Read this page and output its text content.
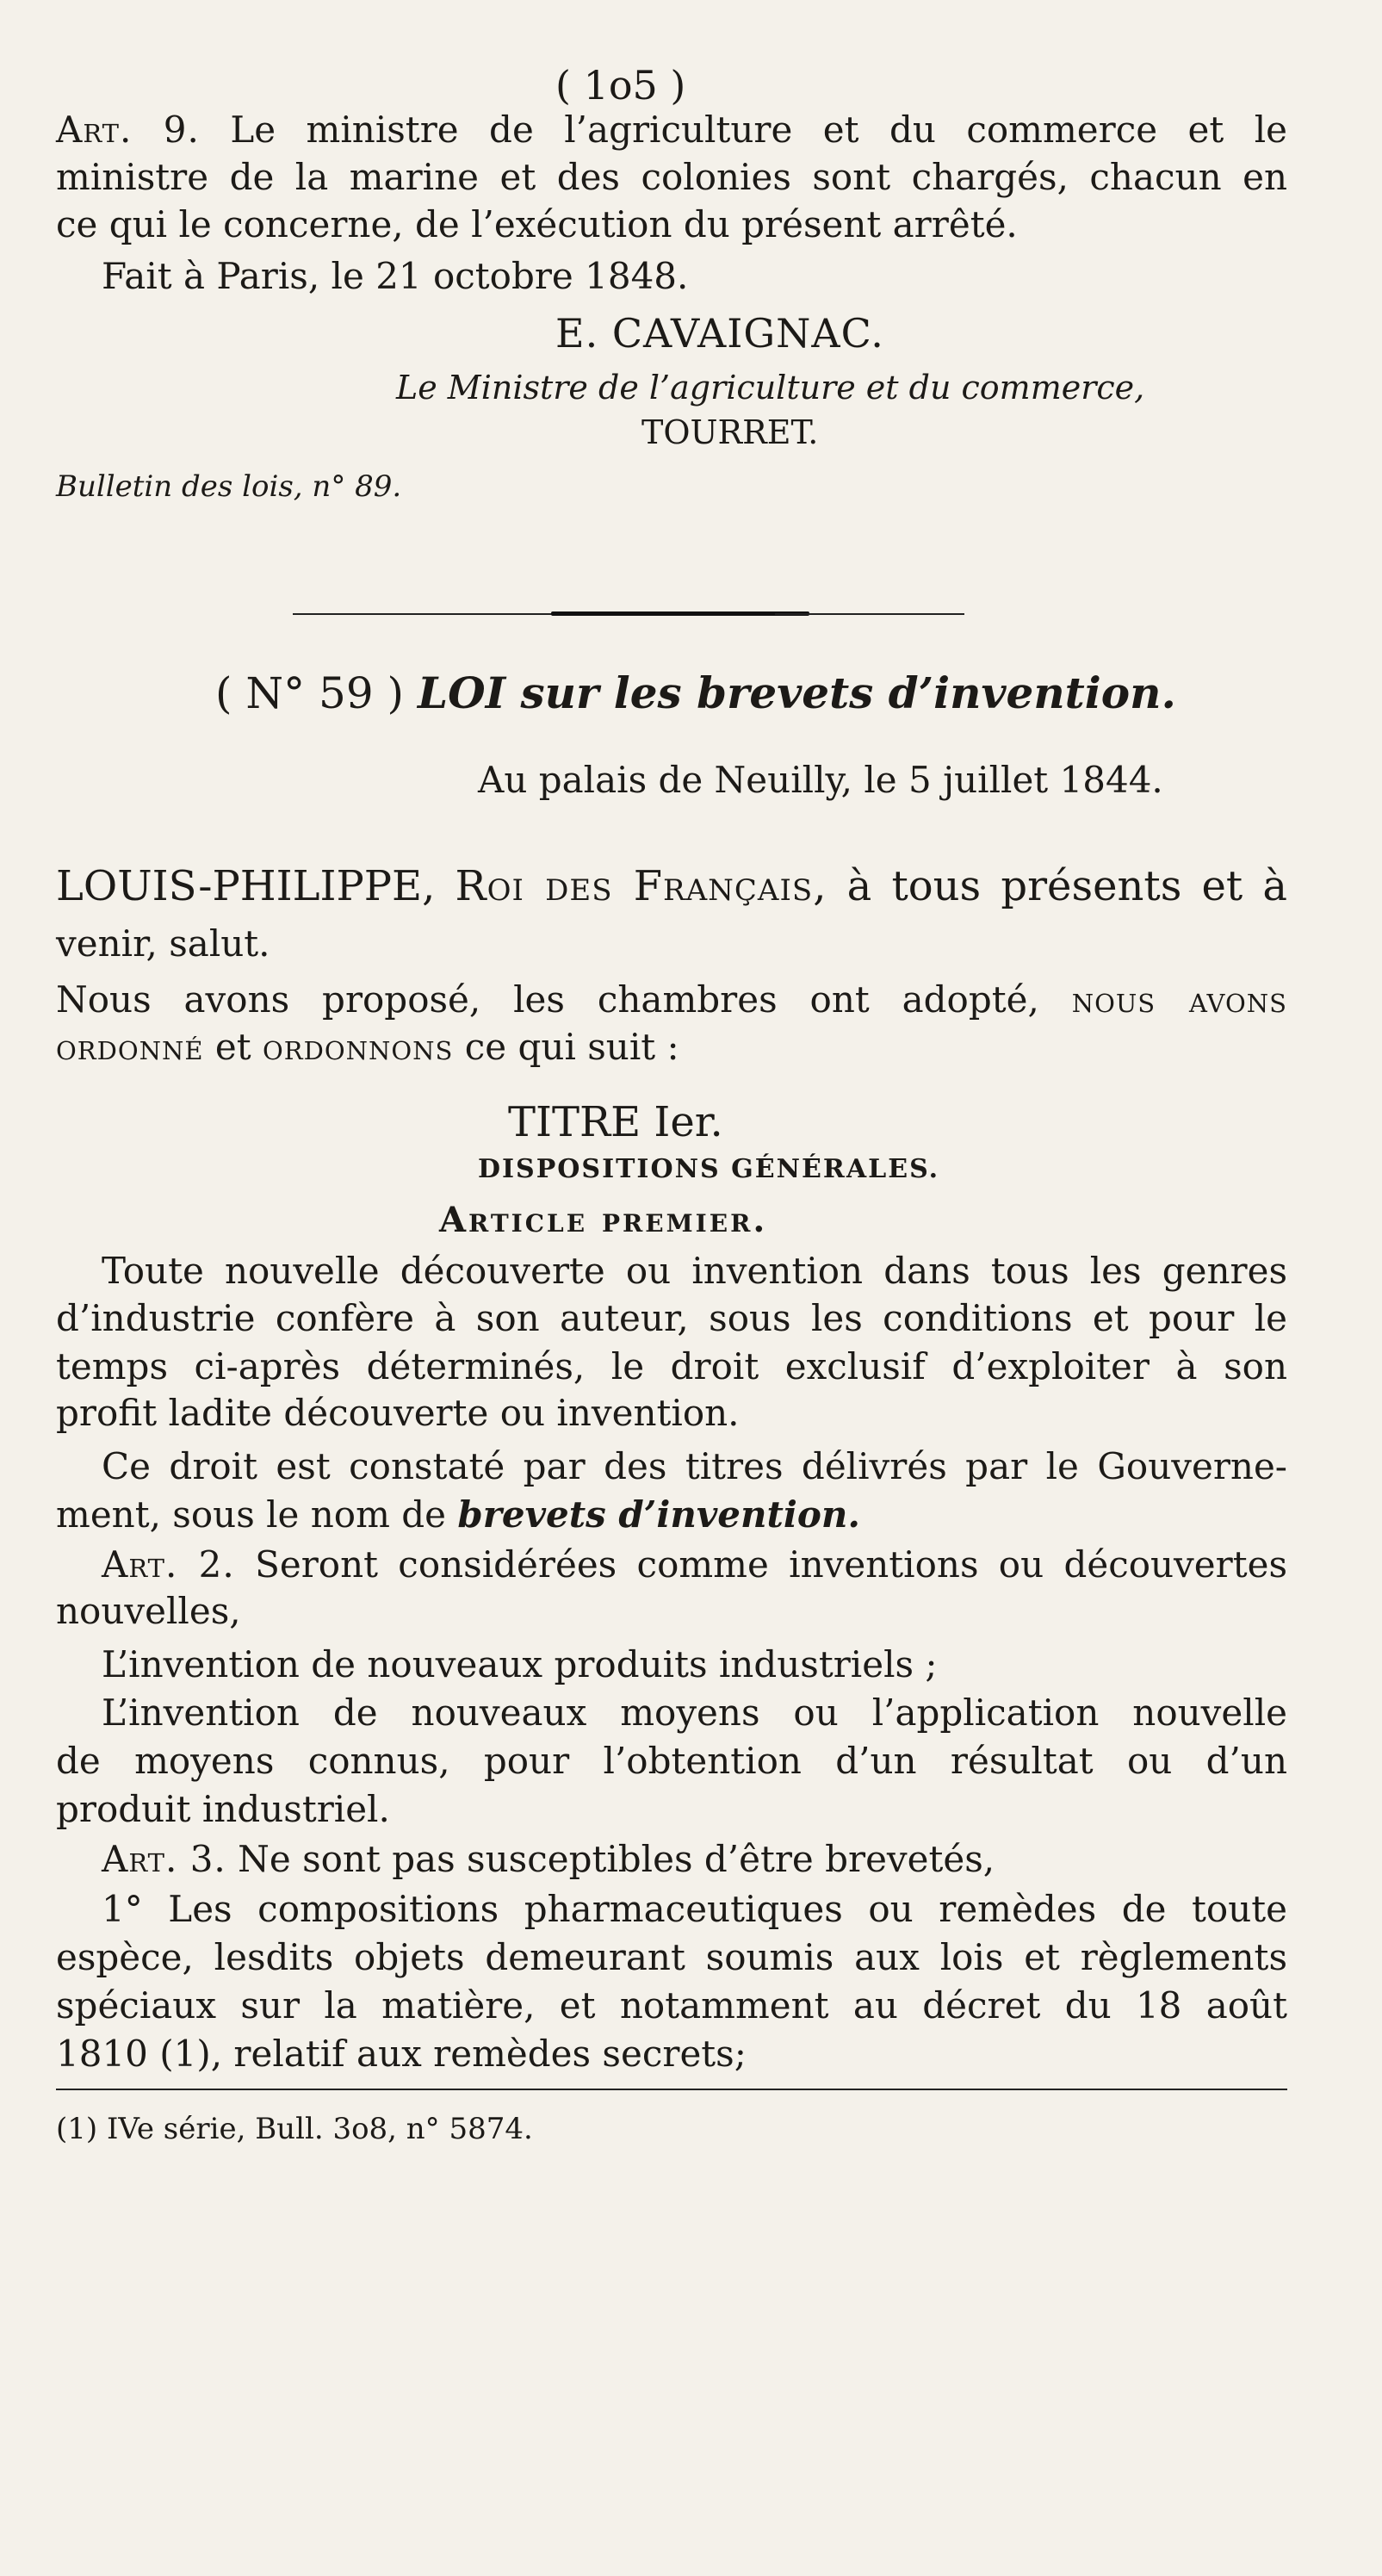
( 1o5 )
Art. 9. Le ministre de l’agriculture et du commerce et le
ministre de la marine et des colonies sont chargés, chacun en
ce qui le concerne, de l’exécution du présent arrêté.
Fait à Paris, le 21 octobre 1848.
E. CAVAIGNAC.
Le Ministre de l’agriculture et du commerce,
TOURRET.
Bulletin des lois, n° 89.
( N° 59 ) LOI sur les brevets d’invention.
Au palais de Neuilly, le 5 juillet 1844.
LOUIS-PHILIPPE, Roi des Français, à tous présents et à
venir, salut.
Nous avons proposé, les chambres ont adopté, nous avons
ordonné et ordonnons ce qui suit :
TITRE Ier.
DISPOSITIONS GÉNÉRALES.
Article premier.
Toute nouvelle découverte ou invention dans tous les genres
d’industrie confère à son auteur, sous les conditions et pour le
temps ci-après déterminés, le droit exclusif d’exploiter à son
profit ladite découverte ou invention.
Ce droit est constaté par des titres délivrés par le Gouverne-
ment, sous le nom de brevets d’invention.
Art. 2. Seront considérées comme inventions ou découvertes
nouvelles,
L’invention de nouveaux produits industriels ;
L’invention de nouveaux moyens ou l’application nouvelle
de moyens connus, pour l’obtention d’un résultat ou d’un
produit industriel.
Art. 3. Ne sont pas susceptibles d’être brevetés,
1° Les compositions pharmaceutiques ou remèdes de toute
espèce, lesdits objets demeurant soumis aux lois et règlements
spéciaux sur la matière, et notamment au décret du 18 août
1810 (1), relatif aux remèdes secrets;
(1) IVe série, Bull. 3o8, n° 5874.
